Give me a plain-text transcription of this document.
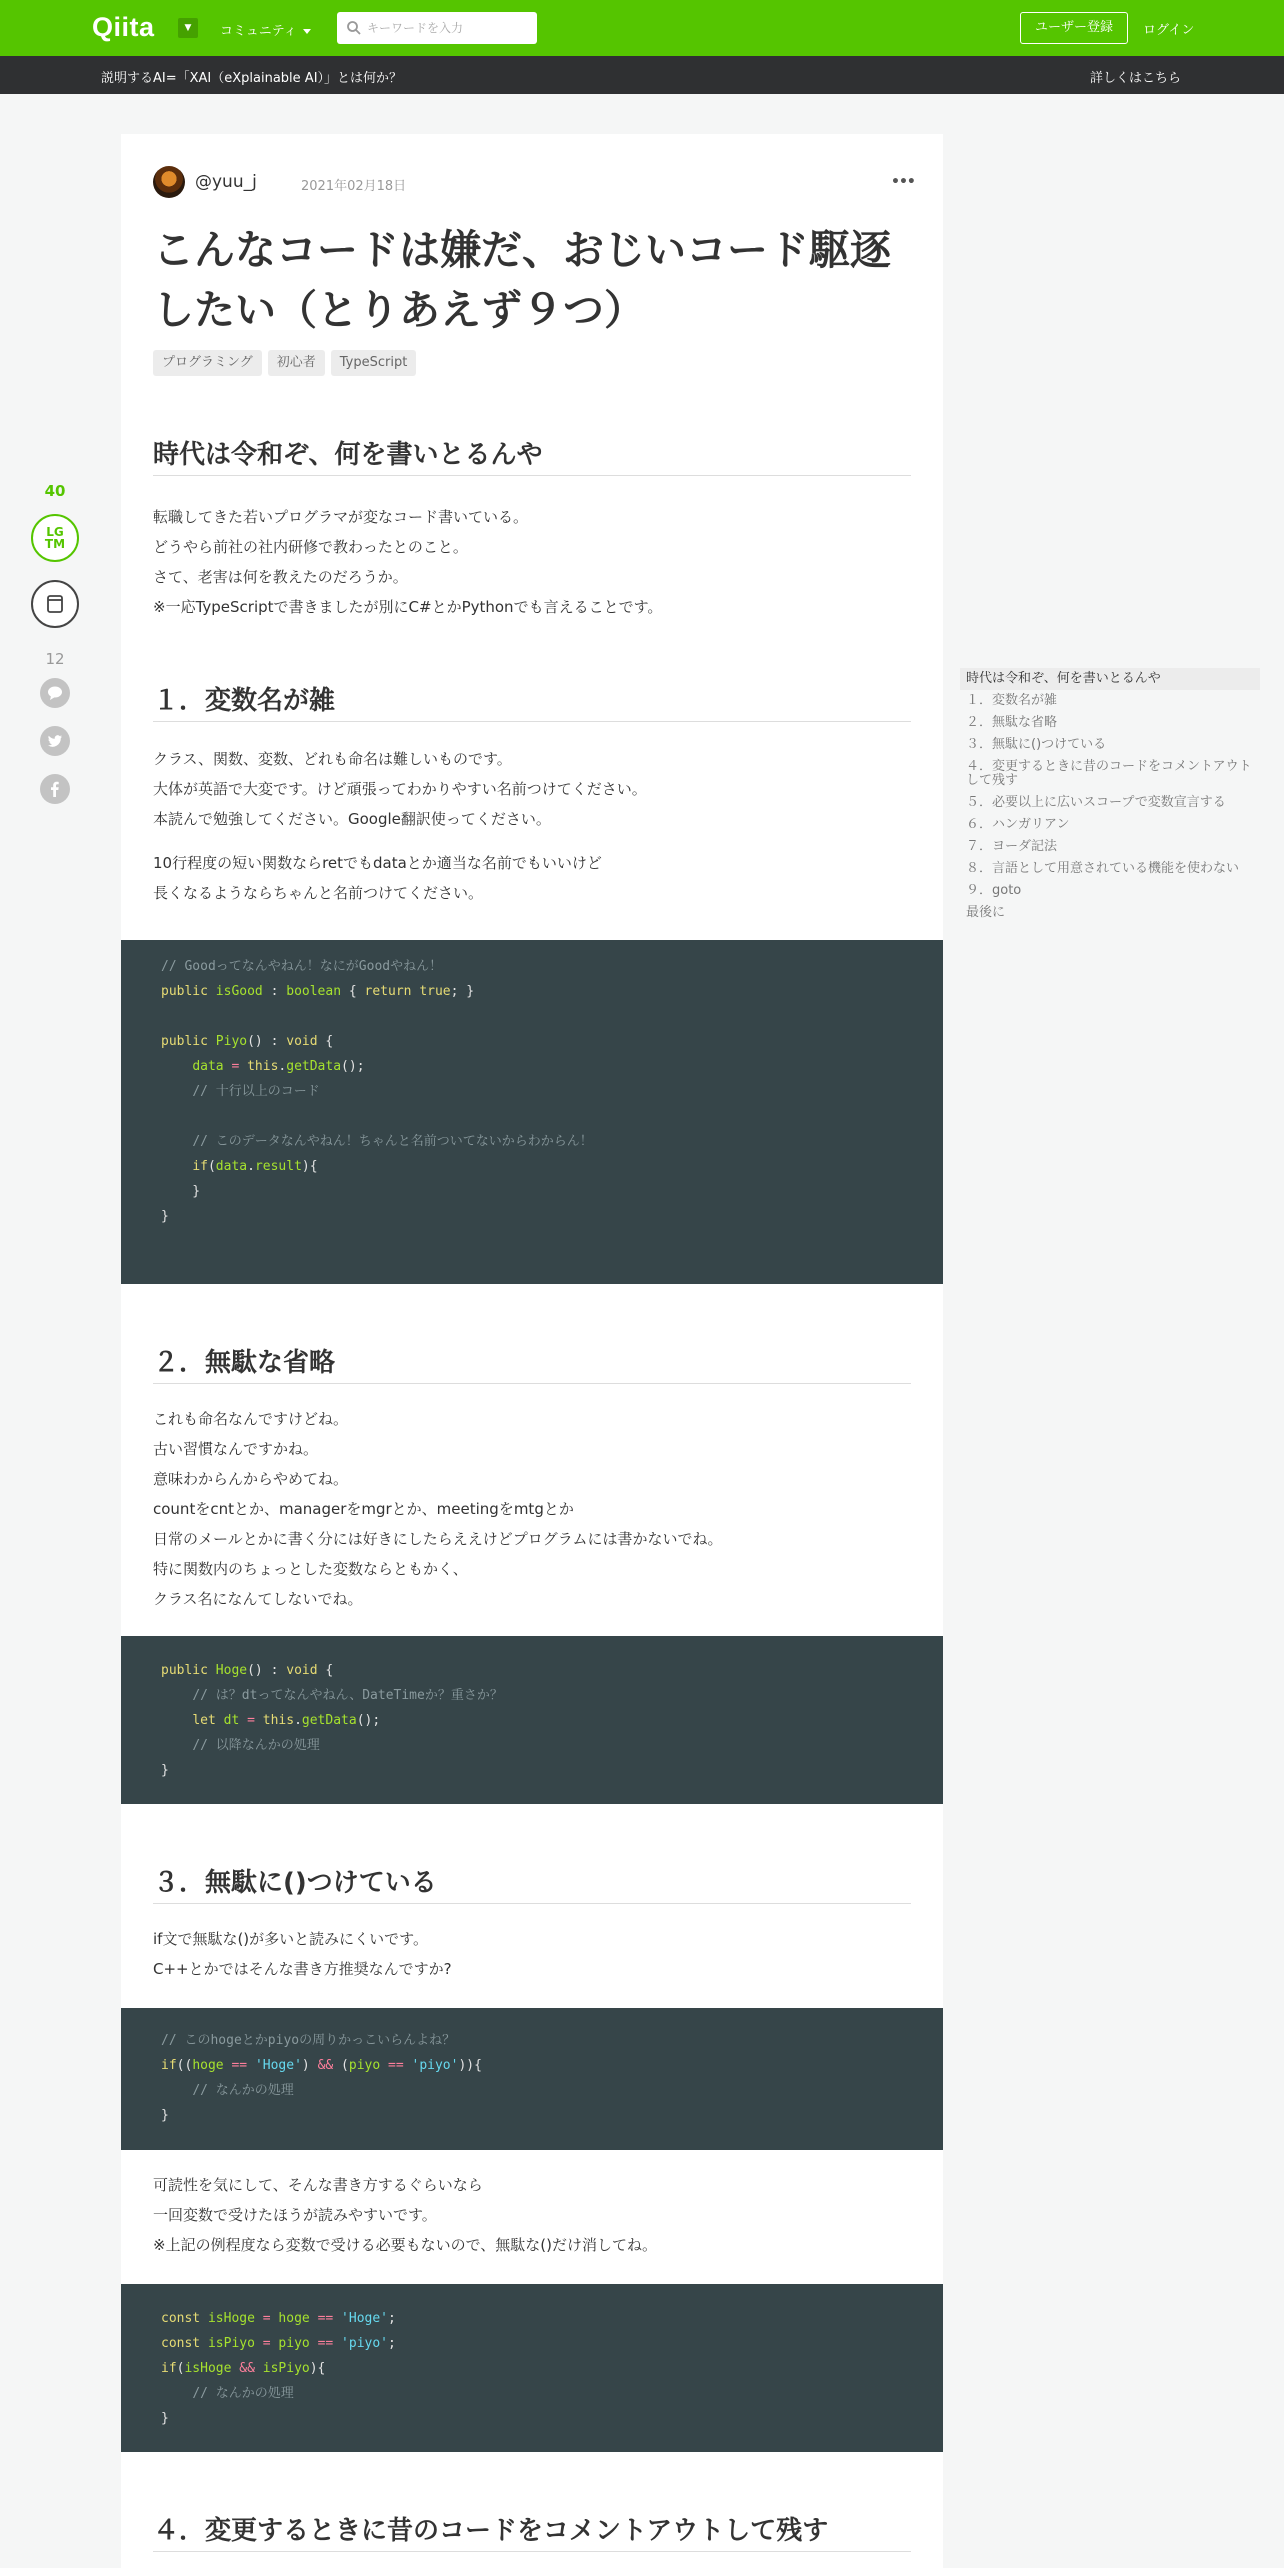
Qiita	▼	コミュニティ
キーワードを入力	ユーザー登録	ログイン
説明するAI=「XAI（eXplainable AI）」とは何か？	詳しくはこちら
40
LG
TM
12
@yuu_j	2021年02月18日	•••
こんなコードは嫌だ、おじいコード駆逐したい（とりあえず９つ）
プログラミング 初心者 TypeScript
時代は令和ぞ、何を書いとるんや

転職してきた若いプログラマが変なコード書いている。

どうやら前社の社内研修で教わったとのこと。

さて、老害は何を教えたのだろうか。

※一応TypeScriptで書きましたが別にC#とかPythonでも言えることです。

１．変数名が雑

クラス、関数、変数、どれも命名は難しいものです。

大体が英語で大変です。けど頑張ってわかりやすい名前つけてください。

本読んで勉強してください。Google翻訳使ってください。

10行程度の短い関数ならretでもdataとか適当な名前でもいいけど

長くなるようならちゃんと名前つけてください。

// Goodってなんやねん！なにがGoodやねん！
public isGood : boolean { return true; }

public Piyo() : void {
data = this.getData();
// 十行以上のコード

// このデータなんやねん！ちゃんと名前ついてないからわからん！
if(data.result){
}
}
２．無駄な省略

これも命名なんですけどね。

古い習慣なんですかね。

意味わからんからやめてね。

countをcntとか、managerをmgrとか、meetingをmtgとか

日常のメールとかに書く分には好きにしたらええけどプログラムには書かないでね。

特に関数内のちょっとした変数ならともかく、

クラス名になんてしないでね。

public Hoge() : void {
// は？dtってなんやねん、DateTimeか？重さか？
let dt = this.getData();
// 以降なんかの処理
}
３．無駄に()つけている

if文で無駄な()が多いと読みにくいです。

C++とかではそんな書き方推奨なんですか?

// このhogeとかpiyoの周りかっこいらんよね？
if((hoge == 'Hoge') && (piyo == 'piyo')){
// なんかの処理
}

可読性を気にして、そんな書き方するぐらいなら

一回変数で受けたほうが読みやすいです。

※上記の例程度なら変数で受ける必要もないので、無駄な()だけ消してね。

const isHoge = hoge == 'Hoge';
const isPiyo = piyo == 'piyo';
if(isHoge && isPiyo){
// なんかの処理
}
４．変更するときに昔のコードをコメントアウトして残す
時代は令和ぞ、何を書いとるんや
１．変数名が雑
２．無駄な省略
３．無駄に()つけている
４．変更するときに昔のコードをコメントアウトして残す
５．必要以上に広いスコープで変数宣言する
６．ハンガリアン
７．ヨーダ記法
８．言語として用意されている機能を使わない
９．goto
最後に
